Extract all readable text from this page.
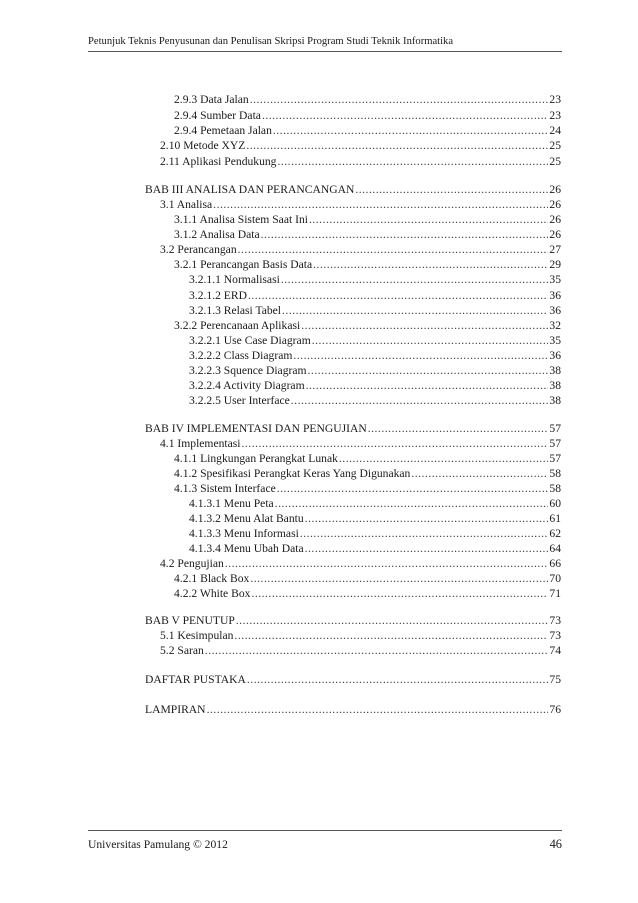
Petunjuk Teknis Penyusunan dan Penulisan Skripsi Program Studi Teknik Informatika
2.9.3 Data Jalan .....	23
2.9.4 Sumber Data .....	23
2.9.4 Pemetaan Jalan .....	24
2.10 Metode XYZ .....	25
2.11 Aplikasi Pendukung .....	25
BAB III ANALISA DAN PERANCANGAN .....	26
3.1 Analisa .....	26
3.1.1 Analisa Sistem Saat Ini .....	26
3.1.2 Analisa Data .....	26
3.2 Perancangan .....	27
3.2.1 Perancangan Basis Data .....	29
3.2.1.1 Normalisasi .....	35
3.2.1.2 ERD .....	36
3.2.1.3 Relasi Tabel .....	36
3.2.2 Perencanaan Aplikasi .....	32
3.2.2.1 Use Case Diagram .....	35
3.2.2.2 Class Diagram .....	36
3.2.2.3 Squence Diagram .....	38
3.2.2.4 Activity Diagram .....	38
3.2.2.5 User Interface .....	38
BAB IV IMPLEMENTASI DAN PENGUJIAN .....	57
4.1 Implementasi .....	57
4.1.1 Lingkungan Perangkat Lunak .....	57
4.1.2 Spesifikasi Perangkat Keras Yang Digunakan .....	58
4.1.3 Sistem Interface .....	58
4.1.3.1 Menu Peta .....	60
4.1.3.2 Menu Alat Bantu .....	61
4.1.3.3 Menu Informasi .....	62
4.1.3.4 Menu Ubah Data .....	64
4.2 Pengujian .....	66
4.2.1 Black Box .....	70
4.2.2 White Box .....	71
BAB V PENUTUP .....	73
5.1 Kesimpulan .....	73
5.2 Saran .....	74
DAFTAR PUSTAKA .....	75
LAMPIRAN .....	76
Universitas Pamulang © 2012	46
